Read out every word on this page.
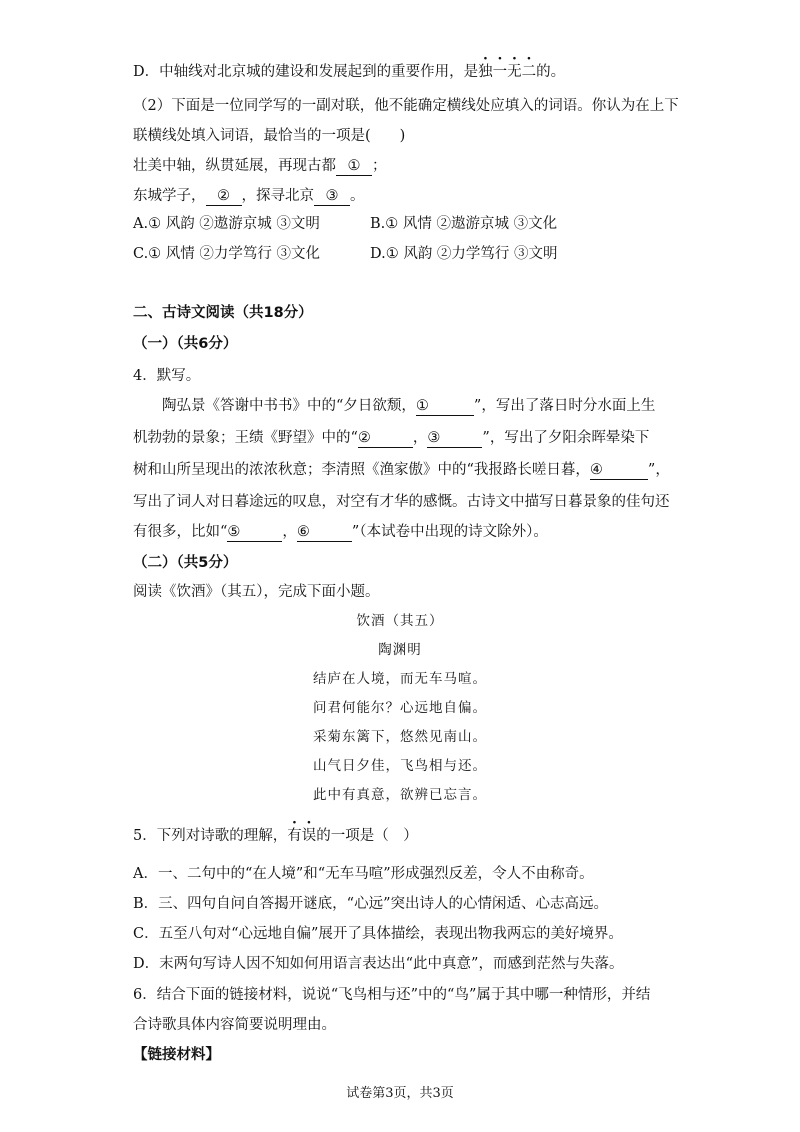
D．中轴线对北京城的建设和发展起到的重要作用，是独一无二的。
（2）下面是一位同学写的一副对联，他不能确定横线处应填入的词语。你认为在上下
联横线处填入词语，最恰当的一项是(　　)
壮美中轴，纵贯延展，再现古都 ① ；
东城学子， ② ，探寻北京 ③ 。
A.① 风韵 ②遨游京城 ③文明	B.① 风情 ②遨游京城 ③文化
C.① 风情 ②力学笃行 ③文化	D.① 风韵 ②力学笃行 ③文明
二、古诗文阅读（共18分）
（一）（共6分）
4．默写。
陶弘景《答谢中书书》中的“夕日欲颓，①	”，写出了落日时分水面上生
机勃勃的景象；王绩《野望》中的“②	，③	”，写出了夕阳余晖晕染下
树和山所呈现出的浓浓秋意；李清照《渔家傲》中的“我报路长嗟日暮，④	”，
写出了词人对日暮途远的叹息，对空有才华的感慨。古诗文中描写日暮景象的佳句还
有很多，比如“⑤	，⑥	”（本试卷中出现的诗文除外）。
（二）（共5分）
阅读《饮酒》（其五），完成下面小题。
饮酒（其五）
陶渊明
结庐在人境，而无车马喧。
问君何能尔？心远地自偏。
采菊东篱下，悠然见南山。
山气日夕佳，飞鸟相与还。
此中有真意，欲辨已忘言。
5．下列对诗歌的理解，有误的一项是（　）
A．一、二句中的“在人境”和“无车马喧”形成强烈反差，令人不由称奇。
B．三、四句自问自答揭开谜底，“心远”突出诗人的心情闲适、心志高远。
C．五至八句对“心远地自偏”展开了具体描绘，表现出物我两忘的美好境界。
D．末两句写诗人因不知如何用语言表达出“此中真意”，而感到茫然与失落。
6．结合下面的链接材料，说说“飞鸟相与还”中的“鸟”属于其中哪一种情形，并结
合诗歌具体内容简要说明理由。
【链接材料】
试卷第3页，共3页
